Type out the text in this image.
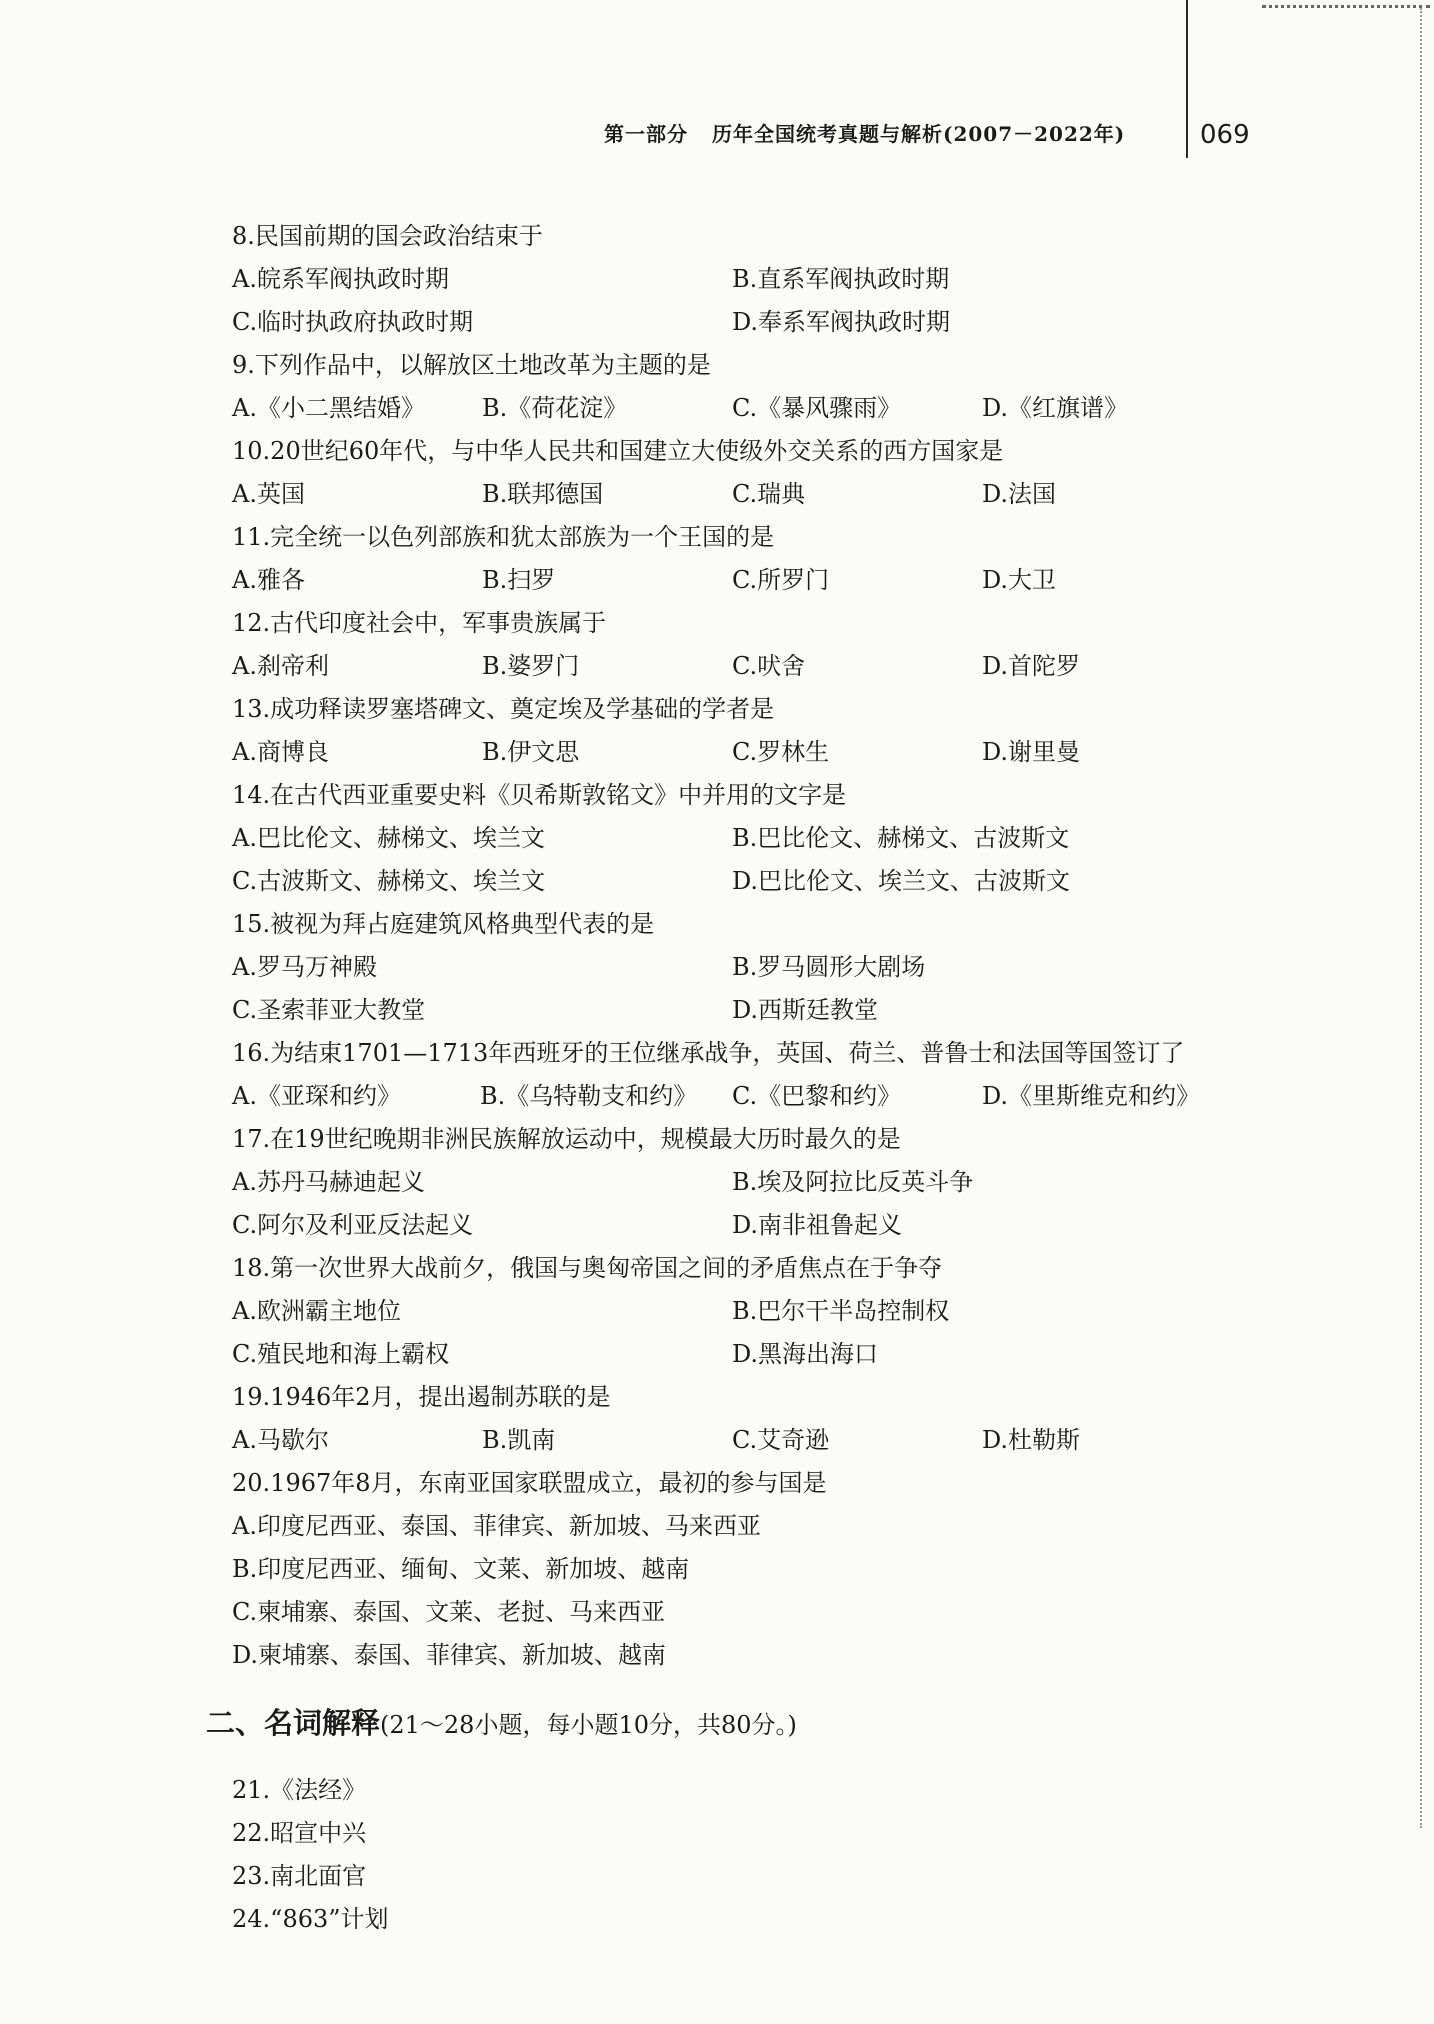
第一部分 历年全国统考真题与解析(2007－2022年)	069
8.民国前期的国会政治结束于
A.皖系军阀执政时期	B.直系军阀执政时期
C.临时执政府执政时期	D.奉系军阀执政时期
9.下列作品中，以解放区土地改革为主题的是
A.《小二黑结婚》 B.《荷花淀》	C.《暴风骤雨》	D.《红旗谱》
10.20世纪60年代，与中华人民共和国建立大使级外交关系的西方国家是
A.英国	B.联邦德国	C.瑞典	D.法国
11.完全统一以色列部族和犹太部族为一个王国的是
A.雅各	B.扫罗	C.所罗门	D.大卫
12.古代印度社会中，军事贵族属于
A.刹帝利	B.婆罗门	C.吠舍	D.首陀罗
13.成功释读罗塞塔碑文、奠定埃及学基础的学者是
A.商博良	B.伊文思	C.罗林生	D.谢里曼
14.在古代西亚重要史料《贝希斯敦铭文》中并用的文字是
A.巴比伦文、赫梯文、埃兰文	B.巴比伦文、赫梯文、古波斯文
C.古波斯文、赫梯文、埃兰文	D.巴比伦文、埃兰文、古波斯文
15.被视为拜占庭建筑风格典型代表的是
A.罗马万神殿	B.罗马圆形大剧场
C.圣索菲亚大教堂	D.西斯廷教堂
16.为结束1701—1713年西班牙的王位继承战争，英国、荷兰、普鲁士和法国等国签订了
A.《亚琛和约》	B.《乌特勒支和约》 C.《巴黎和约》	D.《里斯维克和约》
17.在19世纪晚期非洲民族解放运动中，规模最大历时最久的是
A.苏丹马赫迪起义	B.埃及阿拉比反英斗争
C.阿尔及利亚反法起义	D.南非祖鲁起义
18.第一次世界大战前夕，俄国与奥匈帝国之间的矛盾焦点在于争夺
A.欧洲霸主地位	B.巴尔干半岛控制权
C.殖民地和海上霸权	D.黑海出海口
19.1946年2月，提出遏制苏联的是
A.马歇尔	B.凯南	C.艾奇逊	D.杜勒斯
20.1967年8月，东南亚国家联盟成立，最初的参与国是
A.印度尼西亚、泰国、菲律宾、新加坡、马来西亚
B.印度尼西亚、缅甸、文莱、新加坡、越南
C.柬埔寨、泰国、文莱、老挝、马来西亚
D.柬埔寨、泰国、菲律宾、新加坡、越南
二、名词解释(21～28小题，每小题10分，共80分。)
21.《法经》
22.昭宣中兴
23.南北面官
24.“863”计划
